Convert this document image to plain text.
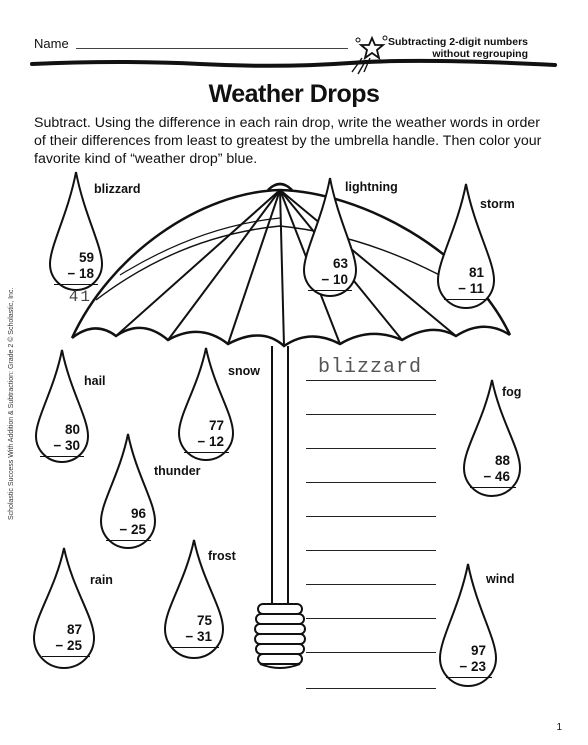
Name	Subtracting 2-digit numbers
without regrouping
Weather Drops
Subtract. Using the difference in each rain drop, write the weather words in order of their differences from least to greatest by the umbrella handle. Then color your favorite kind of “weather drop” blue.
Scholastic Success With Addition & Subtraction: Grade 2 © Scholastic, Inc.
blizzard
59
− 18
41
lightning
63
− 10
storm
81
− 11
hail
80
− 30
snow
77
− 12
fog
88
− 46
thunder
96
− 25
frost
75
− 31
rain
87
− 25
wind
97
− 23
blizzard
1
